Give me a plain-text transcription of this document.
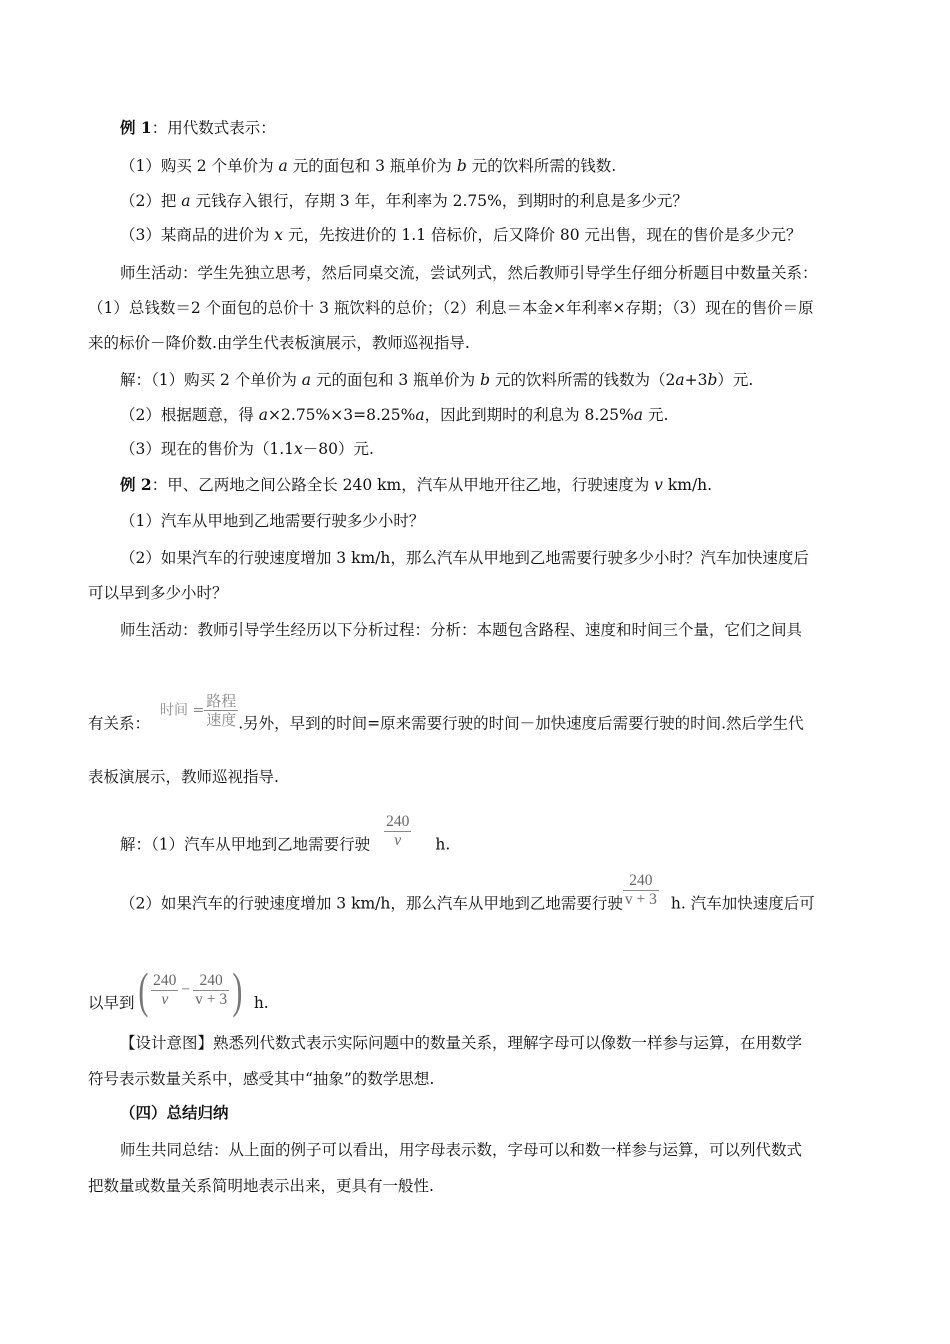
例 1：用代数式表示：
（1）购买 2 个单价为 a 元的面包和 3 瓶单价为 b 元的饮料所需的钱数.
（2）把 a 元钱存入银行，存期 3 年，年利率为 2.75%，到期时的利息是多少元？
（3）某商品的进价为 x 元，先按进价的 1.1 倍标价，后又降价 80 元出售，现在的售价是多少元？
师生活动：学生先独立思考，然后同桌交流，尝试列式，然后教师引导学生仔细分析题目中数量关系：
（1）总钱数＝2 个面包的总价十 3 瓶饮料的总价；（2）利息＝本金×年利率×存期；（3）现在的售价＝原
来的标价－降价数.由学生代表板演展示，教师巡视指导.
解：（1）购买 2 个单价为 a 元的面包和 3 瓶单价为 b 元的饮料所需的钱数为（2a+3b）元.
（2）根据题意，得 a×2.75%×3=8.25%a，因此到期时的利息为 8.25%a 元.
（3）现在的售价为（1.1x－80）元.
例 2：甲、乙两地之间公路全长 240 km，汽车从甲地开往乙地，行驶速度为 v km/h.
（1）汽车从甲地到乙地需要行驶多少小时？
（2）如果汽车的行驶速度增加 3 km/h，那么汽车从甲地到乙地需要行驶多少小时？汽车加快速度后
可以早到多少小时？
师生活动：教师引导学生经历以下分析过程：分析：本题包含路程、速度和时间三个量，它们之间具
有关系：时间 = $\frac{\text{路程}}{\text{速度}}$ .另外，早到的时间=原来需要行驶的时间－加快速度后需要行驶的时间.然后学生代
表板演展示，教师巡视指导.
解：（1）汽车从甲地到乙地需要行驶 $\frac{240}{v} h$.
（2）如果汽车的行驶速度增加 3 km/h，那么汽车从甲地到乙地需要行驶 $\frac{240}{v + 3} h$. 汽车加快速度后可
以早到( $\frac{240}{v} - \frac{240}{v + 3}$ ) h.
【设计意图】熟悉列代数式表示实际问题中的数量关系，理解字母可以像数一样参与运算，在用数学
符号表示数量关系中，感受其中“抽象”的数学思想.
（四）总结归纳
师生共同总结：从上面的例子可以看出，用字母表示数，字母可以和数一样参与运算，可以列代数式
把数量或数量关系简明地表示出来，更具有一般性.
